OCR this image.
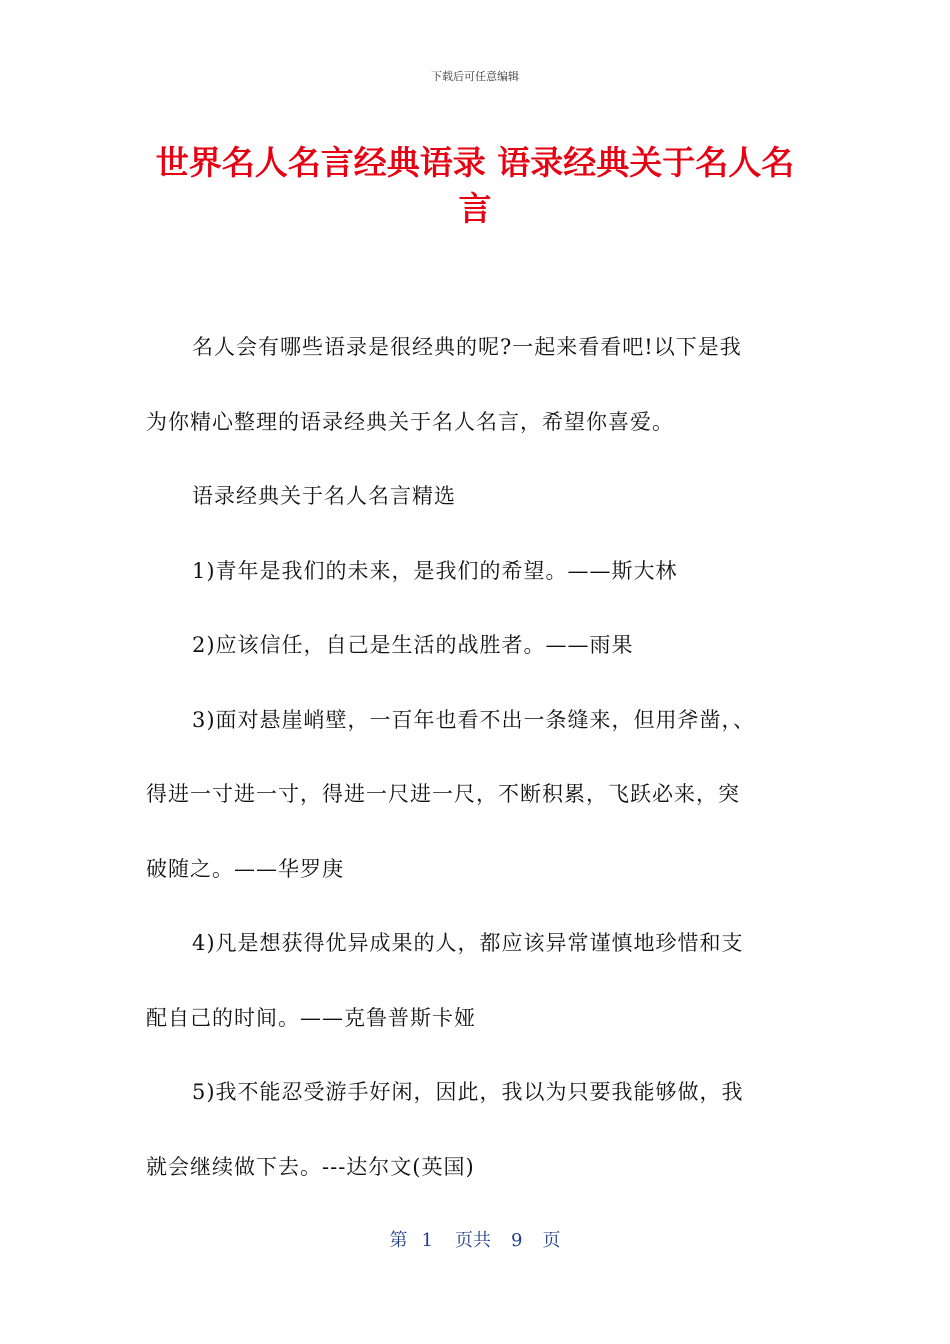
下载后可任意编辑
世界名人名言经典语录 语录经典关于名人名
言

名人会有哪些语录是很经典的呢?一起来看看吧!以下是我
为你精心整理的语录经典关于名人名言，希望你喜爱。

语录经典关于名人名言精选

1)青年是我们的未来，是我们的希望。——斯大林

2)应该信任，自己是生活的战胜者。——雨果

3)面对悬崖峭壁，一百年也看不出一条缝来，但用斧凿，、
得进一寸进一寸，得进一尺进一尺，不断积累，飞跃必来，突
破随之。——华罗庚

4)凡是想获得优异成果的人，都应该异常谨慎地珍惜和支
配自己的时间。——克鲁普斯卡娅

5)我不能忍受游手好闲，因此，我以为只要我能够做，我
就会继续做下去。---达尔文(英国)

第 1 页共 9 页
